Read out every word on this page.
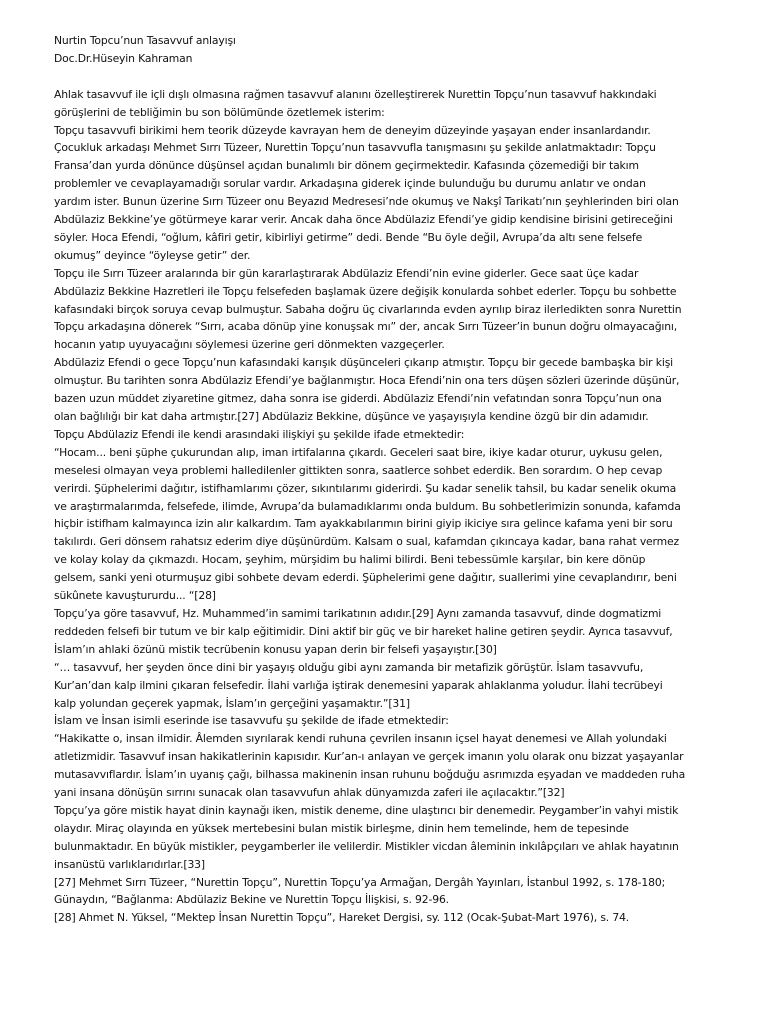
Nurtin Topcu’nun Tasavvuf anlayışı
Doc.Dr.Hüseyin Kahraman
Ahlak tasavvuf ile içli dışlı olmasına rağmen tasavvuf alanını özelleştirerek Nurettin Topçu’nun tasavvuf hakkındaki
görüşlerini de tebliğimin bu son bölümünde özetlemek isterim:
Topçu tasavvufi birikimi hem teorik düzeyde kavrayan hem de deneyim düzeyinde yaşayan ender insanlardandır.
Çocukluk arkadaşı Mehmet Sırrı Tüzeer, Nurettin Topçu’nun tasavvufla tanışmasını şu şekilde anlatmaktadır: Topçu
Fransa’dan yurda dönünce düşünsel açıdan bunalımlı bir dönem geçirmektedir. Kafasında çözemediği bir takım
problemler ve cevaplayamadığı sorular vardır. Arkadaşına giderek içinde bulunduğu bu durumu anlatır ve ondan
yardım ister. Bunun üzerine Sırrı Tüzeer onu Beyazıd Medresesi’nde okumuş ve Nakşî Tarikatı’nın şeyhlerinden biri olan
Abdülaziz Bekkine’ye götürmeye karar verir. Ancak daha önce Abdülaziz Efendi’ye gidip kendisine birisini getireceğini
söyler. Hoca Efendi, “oğlum, kâfiri getir, kibirliyi getirme” dedi. Bende “Bu öyle değil, Avrupa’da altı sene felsefe
okumuş” deyince “öyleyse getir” der.
Topçu ile Sırrı Tüzeer aralarında bir gün kararlaştırarak Abdülaziz Efendi’nin evine giderler. Gece saat üçe kadar
Abdülaziz Bekkine Hazretleri ile Topçu felsefeden başlamak üzere değişik konularda sohbet ederler. Topçu bu sohbette
kafasındaki birçok soruya cevap bulmuştur. Sabaha doğru üç civarlarında evden ayrılıp biraz ilerledikten sonra Nurettin
Topçu arkadaşına dönerek “Sırrı, acaba dönüp yine konuşsak mı” der, ancak Sırrı Tüzeer’in bunun doğru olmayacağını,
hocanın yatıp uyuyacağını söylemesi üzerine geri dönmekten vazgeçerler.
Abdülaziz Efendi o gece Topçu’nun kafasındaki karışık düşünceleri çıkarıp atmıştır. Topçu bir gecede bambaşka bir kişi
olmuştur. Bu tarihten sonra Abdülaziz Efendi’ye bağlanmıştır. Hoca Efendi’nin ona ters düşen sözleri üzerinde düşünür,
bazen uzun müddet ziyaretine gitmez, daha sonra ise giderdi. Abdülaziz Efendi’nin vefatından sonra Topçu’nun ona
olan bağlılığı bir kat daha artmıştır.[27] Abdülaziz Bekkine, düşünce ve yaşayışıyla kendine özgü bir din adamıdır.
Topçu Abdülaziz Efendi ile kendi arasındaki ilişkiyi şu şekilde ifade etmektedir:
“Hocam... beni şüphe çukurundan alıp, iman irtifalarına çıkardı. Geceleri saat bire, ikiye kadar oturur, uykusu gelen,
meselesi olmayan veya problemi halledilenler gittikten sonra, saatlerce sohbet ederdik. Ben sorardım. O hep cevap
verirdi. Şüphelerimi dağıtır, istifhamlarımı çözer, sıkıntılarımı giderirdi. Şu kadar senelik tahsil, bu kadar senelik okuma
ve araştırmalarımda, felsefede, ilimde, Avrupa’da bulamadıklarımı onda buldum. Bu sohbetlerimizin sonunda, kafamda
hiçbir istifham kalmayınca izin alır kalkardım. Tam ayakkabılarımın birini giyip ikiciye sıra gelince kafama yeni bir soru
takılırdı. Geri dönsem rahatsız ederim diye düşünürdüm. Kalsam o sual, kafamdan çıkıncaya kadar, bana rahat vermez
ve kolay kolay da çıkmazdı. Hocam, şeyhim, mürşidim bu halimi bilirdi. Beni tebessümle karşılar, bin kere dönüp
gelsem, sanki yeni oturmuşuz gibi sohbete devam ederdi. Şüphelerimi gene dağıtır, suallerimi yine cevaplandırır, beni
sükûnete kavuştururdu... “[28]
Topçu’ya göre tasavvuf, Hz. Muhammed’in samimi tarikatının adıdır.[29] Aynı zamanda tasavvuf, dinde dogmatizmi
reddeden felsefi bir tutum ve bir kalp eğitimidir. Dini aktif bir güç ve bir hareket haline getiren şeydir. Ayrıca tasavvuf,
İslam’ın ahlaki özünü mistik tecrübenin konusu yapan derin bir felsefi yaşayıştır.[30]
“… tasavvuf, her şeyden önce dini bir yaşayış olduğu gibi aynı zamanda bir metafizik görüştür. İslam tasavvufu,
Kur’an’dan kalp ilmini çıkaran felsefedir. İlahi varlığa iştirak denemesini yaparak ahlaklanma yoludur. İlahi tecrübeyi
kalp yolundan geçerek yapmak, İslam’ın gerçeğini yaşamaktır.”[31]
İslam ve İnsan isimli eserinde ise tasavvufu şu şekilde de ifade etmektedir:
“Hakikatte o, insan ilmidir. Âlemden sıyrılarak kendi ruhuna çevrilen insanın içsel hayat denemesi ve Allah yolundaki
atletizmidir. Tasavvuf insan hakikatlerinin kapısıdır. Kur’an-ı anlayan ve gerçek imanın yolu olarak onu bizzat yaşayanlar
mutasavvıflardır. İslam’ın uyanış çağı, bilhassa makinenin insan ruhunu boğduğu asrımızda eşyadan ve maddeden ruha
yani insana dönüşün sırrını sunacak olan tasavvufun ahlak dünyamızda zaferi ile açılacaktır.”[32]
Topçu’ya göre mistik hayat dinin kaynağı iken, mistik deneme, dine ulaştırıcı bir denemedir. Peygamber’in vahyi mistik
olaydır. Miraç olayında en yüksek mertebesini bulan mistik birleşme, dinin hem temelinde, hem de tepesinde
bulunmaktadır. En büyük mistikler, peygamberler ile velilerdir. Mistikler vicdan âleminin inkılâpçıları ve ahlak hayatının
insanüstü varlıklarıdırlar.[33]
[27] Mehmet Sırrı Tüzeer, “Nurettin Topçu”, Nurettin Topçu’ya Armağan, Dergâh Yayınları, İstanbul 1992, s. 178-180;
Günaydın, “Bağlanma: Abdülaziz Bekine ve Nurettin Topçu İlişkisi, s. 92-96.
[28] Ahmet N. Yüksel, “Mektep İnsan Nurettin Topçu”, Hareket Dergisi, sy. 112 (Ocak-Şubat-Mart 1976), s. 74.
